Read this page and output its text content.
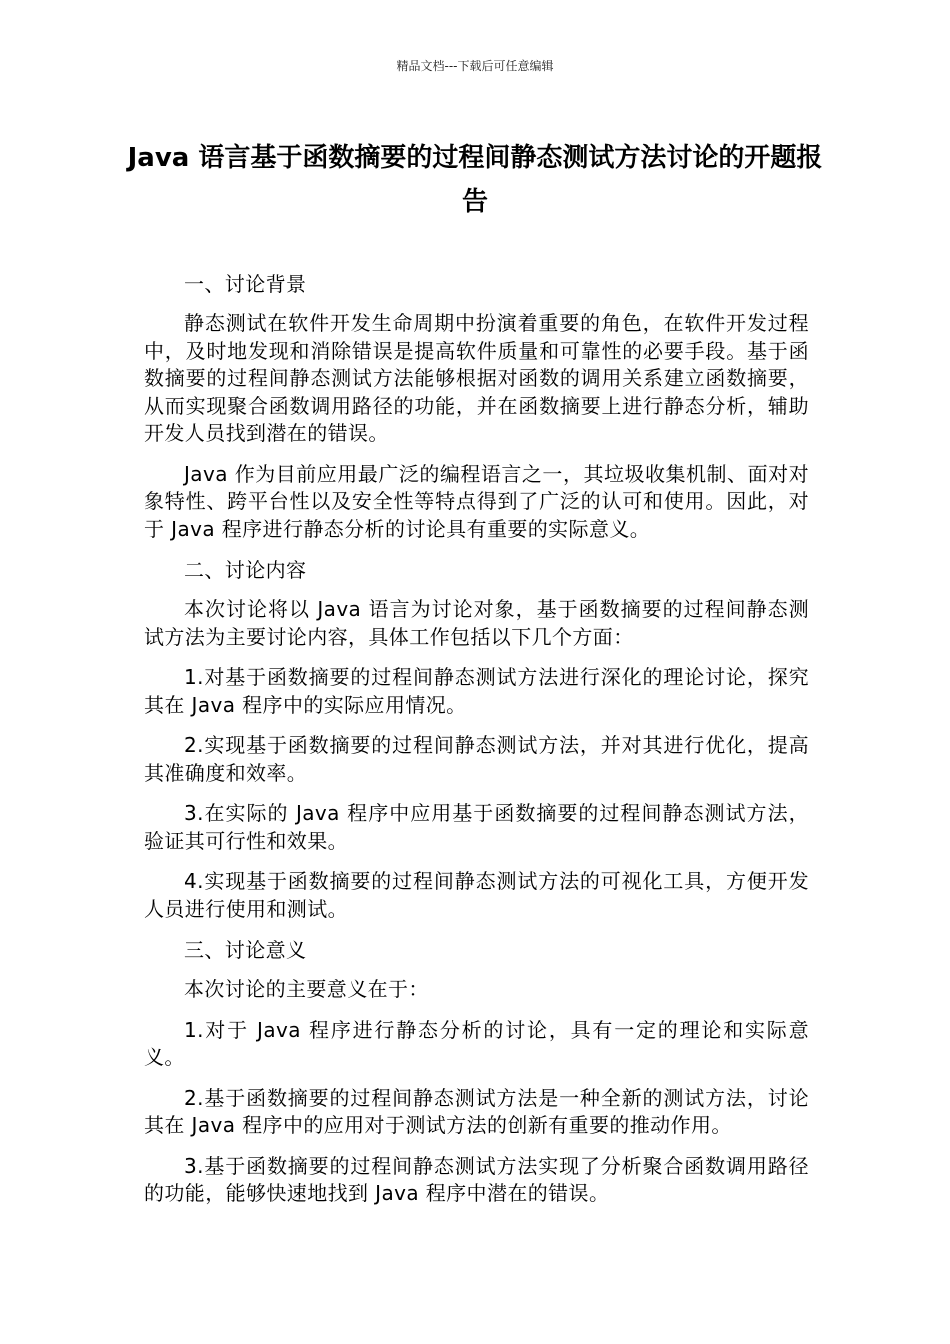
精品文档---下载后可任意编辑
Java 语言基于函数摘要的过程间静态测试方法讨论的开题报告

一、讨论背景

静态测试在软件开发生命周期中扮演着重要的角色，在软件开发过程中，及时地发现和消除错误是提高软件质量和可靠性的必要手段。基于函数摘要的过程间静态测试方法能够根据对函数的调用关系建立函数摘要，从而实现聚合函数调用路径的功能，并在函数摘要上进行静态分析，辅助开发人员找到潜在的错误。

Java 作为目前应用最广泛的编程语言之一，其垃圾收集机制、面对对象特性、跨平台性以及安全性等特点得到了广泛的认可和使用。因此，对于 Java 程序进行静态分析的讨论具有重要的实际意义。

二、讨论内容

本次讨论将以 Java 语言为讨论对象，基于函数摘要的过程间静态测试方法为主要讨论内容，具体工作包括以下几个方面：

1.对基于函数摘要的过程间静态测试方法进行深化的理论讨论，探究其在 Java 程序中的实际应用情况。

2.实现基于函数摘要的过程间静态测试方法，并对其进行优化，提高其准确度和效率。

3.在实际的 Java 程序中应用基于函数摘要的过程间静态测试方法，验证其可行性和效果。

4.实现基于函数摘要的过程间静态测试方法的可视化工具，方便开发人员进行使用和测试。

三、讨论意义

本次讨论的主要意义在于：

1.对于 Java 程序进行静态分析的讨论，具有一定的理论和实际意义。

2.基于函数摘要的过程间静态测试方法是一种全新的测试方法，讨论其在 Java 程序中的应用对于测试方法的创新有重要的推动作用。

3.基于函数摘要的过程间静态测试方法实现了分析聚合函数调用路径的功能，能够快速地找到 Java 程序中潜在的错误。
